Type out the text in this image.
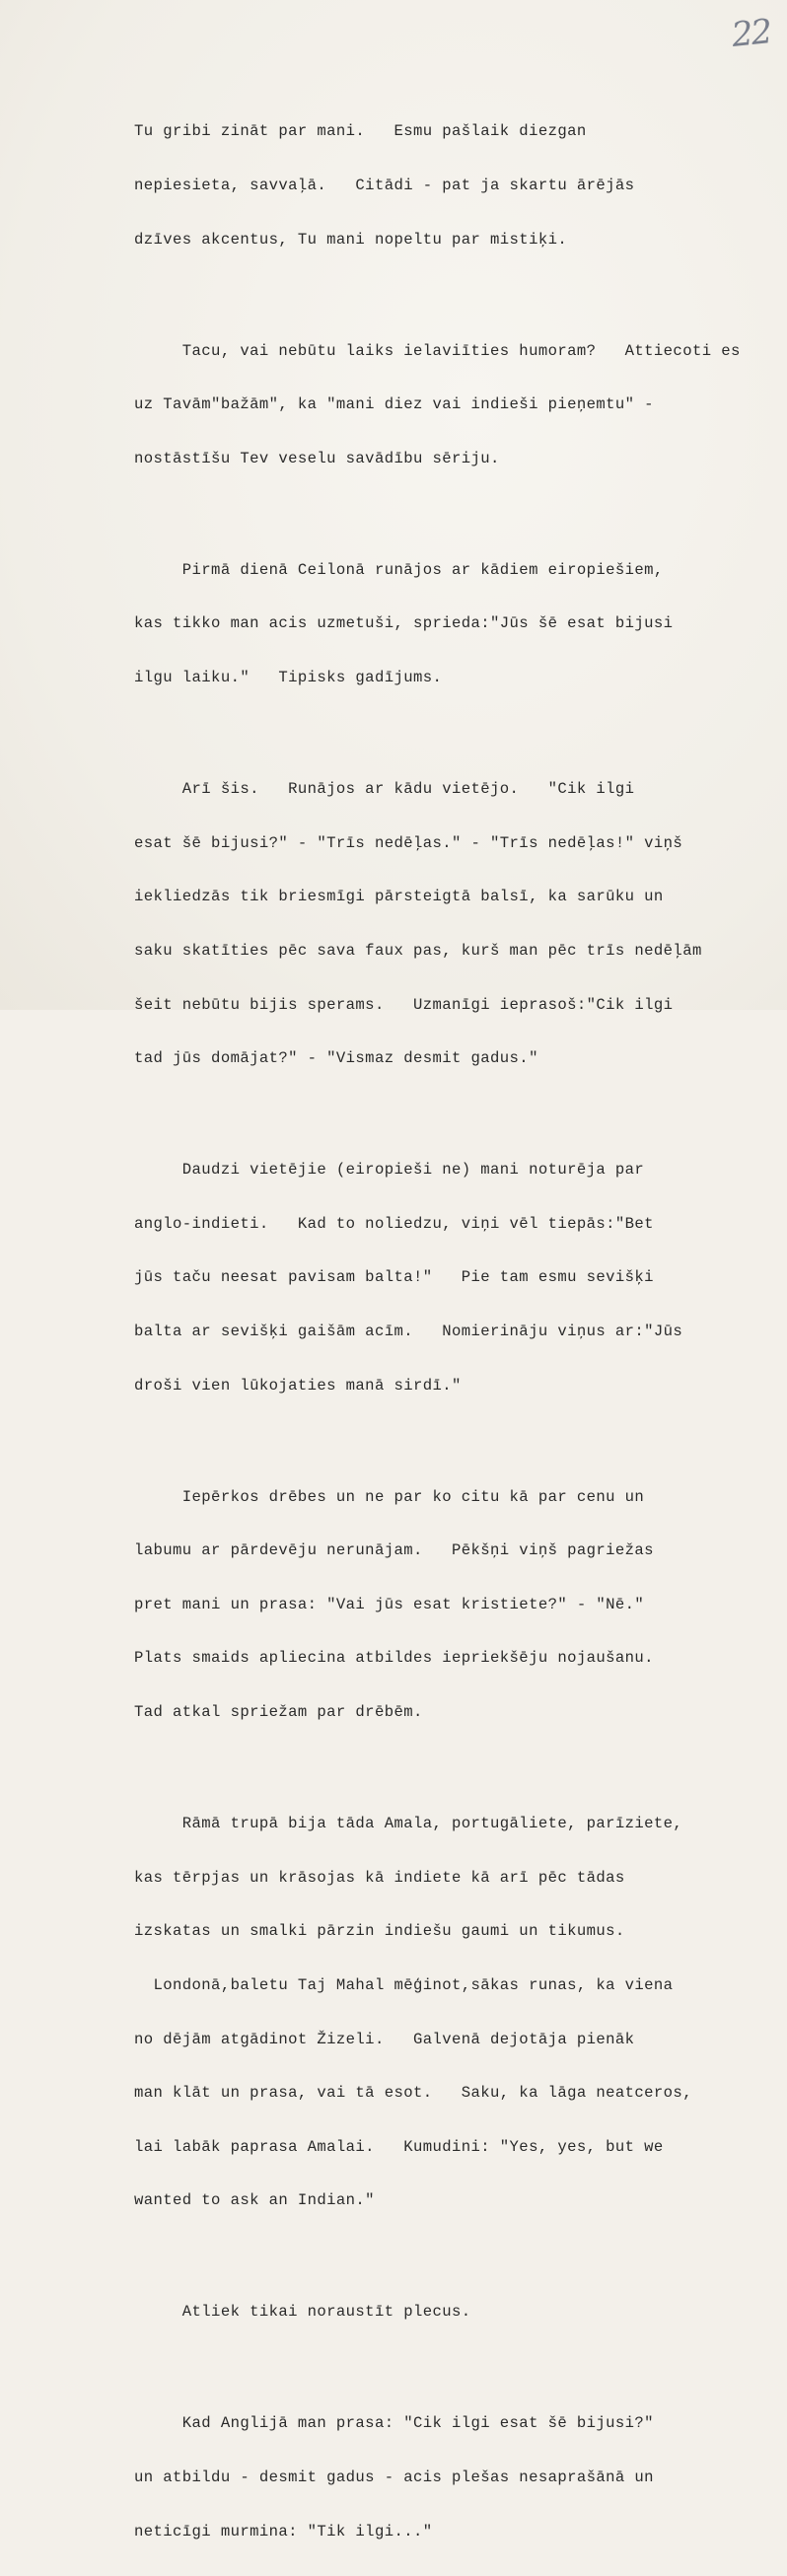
22

Tu gribi zināt par mani.   Esmu pašlaik diezgan

nepiesieta, savvaļā.   Citādi - pat ja skartu ārējās

dzīves akcentus, Tu mani nopeltu par mistiķi.

Tacu, vai nebūtu laiks ielaviīties humoram?   Attiecoti es

uz Tavām"bažām", ka "mani diez vai indieši pieņemtu" -

nostāstīšu Tev veselu savādību sēriju.

Pirmā dienā Ceilonā runājos ar kādiem eiropiešiem,

kas tikko man acis uzmetuši, sprieda:"Jūs šē esat bijusi

ilgu laiku."   Tipisks gadījums.

Arī šis.   Runājos ar kādu vietējo.   "Cik ilgi

esat šē bijusi?" - "Trīs nedēļas." - "Trīs nedēļas!" viņš

iekliedzās tik briesmīgi pārsteigtā balsī, ka sarūku un

saku skatīties pēc sava faux pas, kurš man pēc trīs nedēļām

šeit nebūtu bijis sperams.   Uzmanīgi ieprasoš:"Cik ilgi

tad jūs domājat?" - "Vismaz desmit gadus."

Daudzi vietējie (eiropieši ne) mani noturēja par

anglo-indieti.   Kad to noliedzu, viņi vēl tiepās:"Bet

jūs taču neesat pavisam balta!"   Pie tam esmu sevišķi

balta ar sevišķi gaišām acīm.   Nomierināju viņus ar:"Jūs

droši vien lūkojaties manā sirdī."

Iepērkos drēbes un ne par ko citu kā par cenu un

labumu ar pārdevēju nerunājam.   Pēkšņi viņš pagriežas

pret mani un prasa: "Vai jūs esat kristiete?" - "Nē."

Plats smaids apliecina atbildes iepriekšēju nojaušanu.

Tad atkal spriežam par drēbēm.

Rāmā trupā bija tāda Amala, portugāliete, parīziete,

kas tērpjas un krāsojas kā indiete kā arī pēc tādas

izskatas un smalki pārzin indiešu gaumi un tikumus.

Londonā,baletu Taj Mahal mēģinot,sākas runas, ka viena

no dējām atgādinot Žizeli.   Galvenā dejotāja pienāk

man klāt un prasa, vai tā esot.   Saku, ka lāga neatceros,

lai labāk paprasa Amalai.   Kumudini: "Yes, yes, but we

wanted to ask an Indian."

Atliek tikai noraustīt plecus.

Kad Anglijā man prasa: "Cik ilgi esat šē bijusi?"

un atbildu - desmit gadus - acis plešas nesaprašānā un

neticīgi murmina: "Tik ilgi..."
